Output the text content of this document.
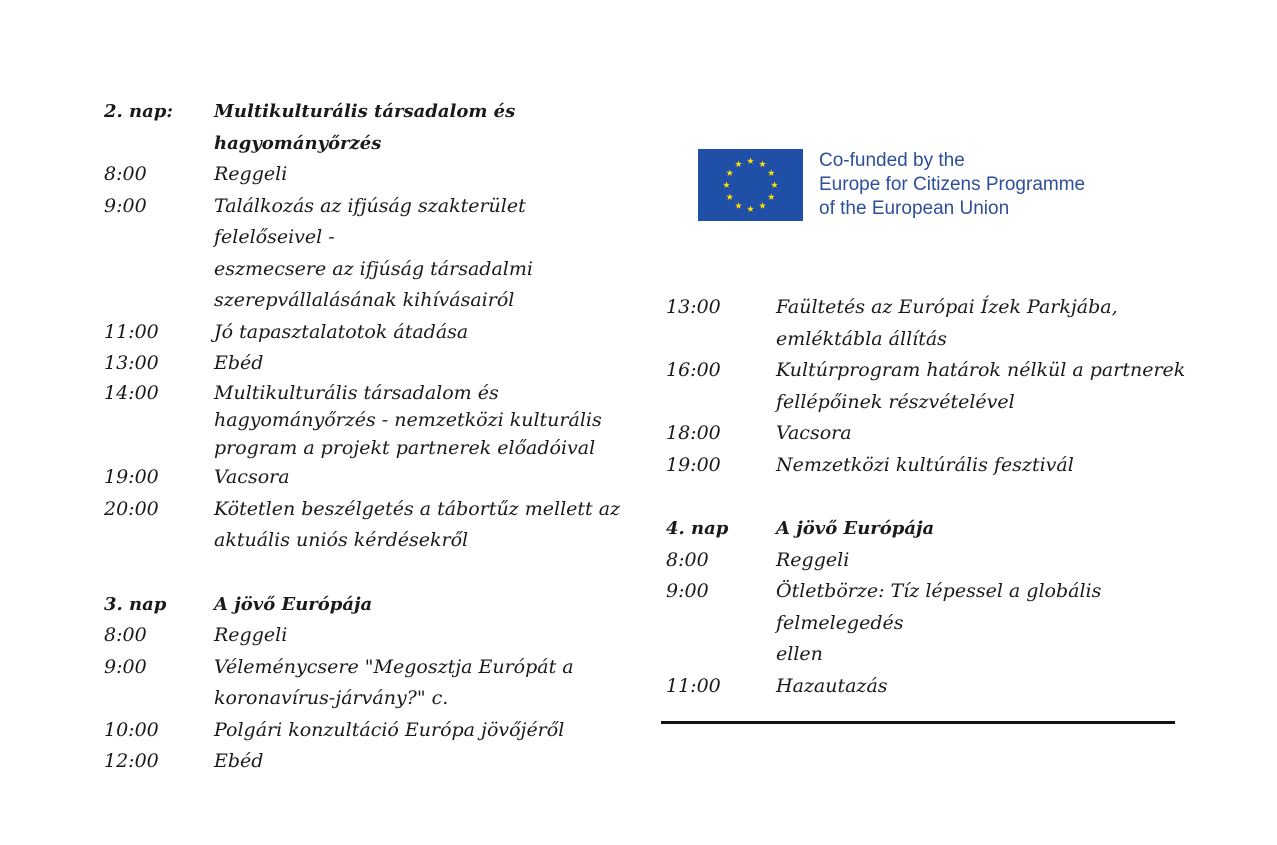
2. nap:	Multikulturális társadalom és
hagyományőrzés
8:00	Reggeli
9:00	Találkozás az ifjúság szakterület felelőseivel -
eszmecsere az ifjúság társadalmi
szerepvállalásának kihívásairól
11:00	Jó tapasztalatotok átadása
13:00	Ebéd
14:00	Multikulturális társadalom és
hagyományőrzés - nemzetközi kulturális
program a projekt partnerek előadóival
19:00	Vacsora
20:00	Kötetlen beszélgetés a tábortűz mellett az
aktuális uniós kérdésekről
3. nap	A jövő Európája
8:00	Reggeli
9:00	Véleménycsere "Megosztja Európát a
koronavírus-járvány?" c.
10:00	Polgári konzultáció Európa jövőjéről
12:00	Ebéd
Co-funded by the
Europe for Citizens Programme
of the European Union
13:00	Faültetés az Európai Ízek Parkjába,
emléktábla állítás
16:00	Kultúrprogram határok nélkül a partnerek
fellépőinek részvételével
18:00	Vacsora
19:00	Nemzetközi kultúrális fesztivál
4. nap	A jövő Európája
8:00	Reggeli
9:00	Ötletbörze: Tíz lépessel a globális felmelegedés
ellen
11:00	Hazautazás
